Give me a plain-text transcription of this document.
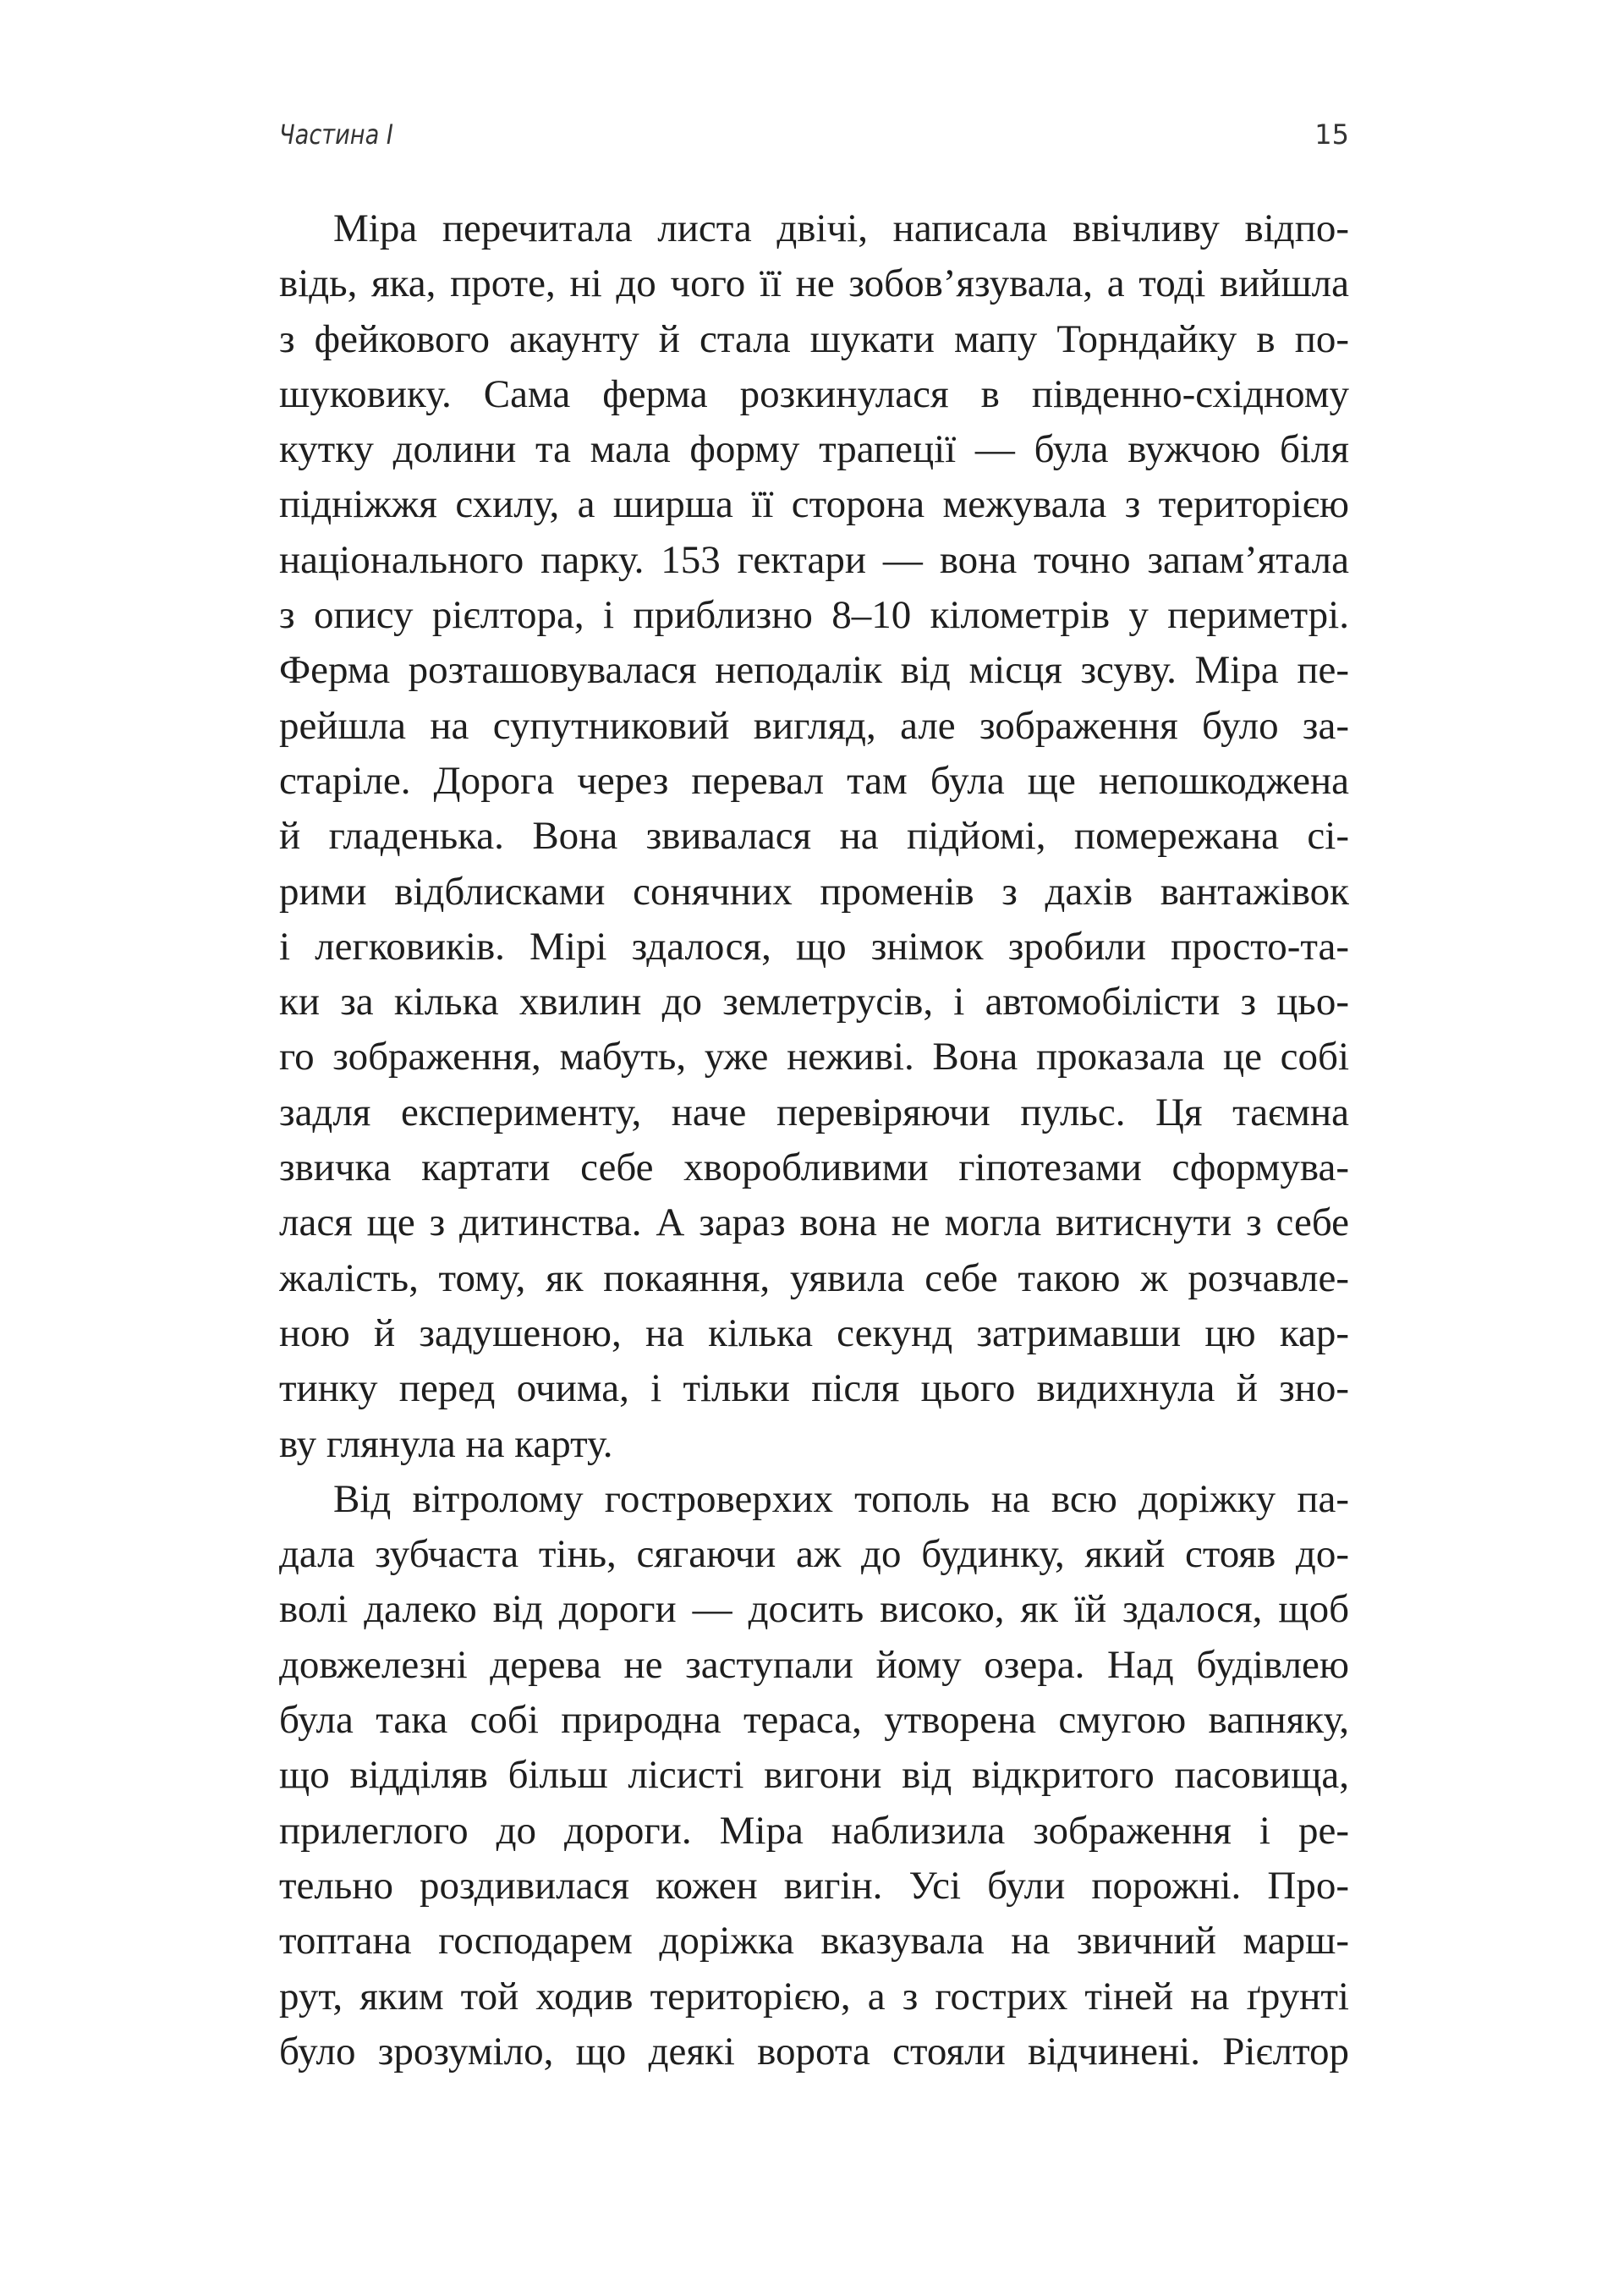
Частина I	15
Міра перечитала листа двічі, написала ввічливу відпо-
відь, яка, проте, ні до чого її не зобов’язувала, а тоді вийшла
з фейкового акаунту й стала шукати мапу Торндайку в по-
шуковику. Сама ферма розкинулася в південно-східному
кутку долини та мала форму трапеції — була вужчою біля
підніжжя схилу, а ширша її сторона межувала з територією
національного парку. 153 гектари — вона точно запам’ятала
з опису рієлтора, і приблизно 8–10 кілометрів у периметрі.
Ферма розташовувалася неподалік від місця зсуву. Міра пе-
рейшла на супутниковий вигляд, але зображення було за-
старіле. Дорога через перевал там була ще непошкоджена
й гладенька. Вона звивалася на підйомі, помережана сі-
рими відблисками сонячних променів з дахів вантажівок
і легковиків. Мірі здалося, що знімок зробили просто-та-
ки за кілька хвилин до землетрусів, і автомобілісти з цьо-
го зображення, мабуть, уже неживі. Вона проказала це собі
задля експерименту, наче перевіряючи пульс. Ця таємна
звичка картати себе хворобливими гіпотезами сформува-
лася ще з дитинства. А зараз вона не могла витиснути з себе
жалість, тому, як покаяння, уявила себе такою ж розчавле-
ною й задушеною, на кілька секунд затримавши цю кар-
тинку перед очима, і тільки після цього видихнула й зно-
ву глянула на карту.
Від вітролому гостроверхих тополь на всю доріжку па-
дала зубчаста тінь, сягаючи аж до будинку, який стояв до-
волі далеко від дороги — досить високо, як їй здалося, щоб
довжелезні дерева не заступали йому озера. Над будівлею
була така собі природна тераса, утворена смугою вапняку,
що відділяв більш лісисті вигони від відкритого пасовища,
прилеглого до дороги. Міра наблизила зображення і ре-
тельно роздивилася кожен вигін. Усі були порожні. Про-
топтана господарем доріжка вказувала на звичний марш-
рут, яким той ходив територією, а з гострих тіней на ґрунті
було зрозуміло, що деякі ворота стояли відчинені. Рієлтор
